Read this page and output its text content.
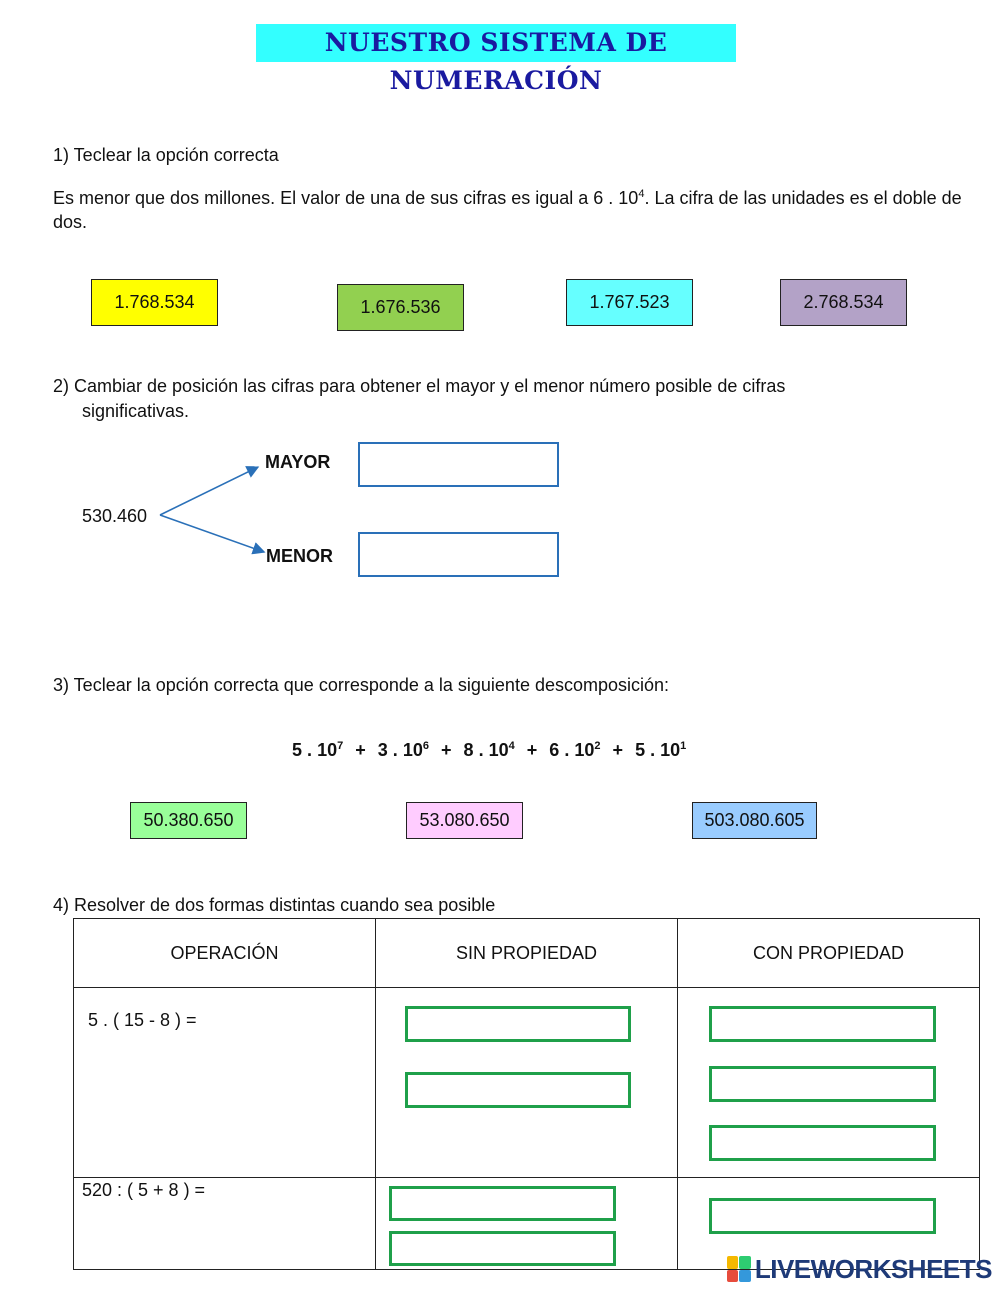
NUESTRO SISTEMA DE NUMERACIÓN
1) Teclear la opción correcta
Es menor que dos millones. El valor de una de sus cifras es igual a 6 . $10^4$. La cifra de las unidades es el doble de dos.
1.768.534	1.676.536	1.767.523	2.768.534
2) Cambiar de posición las cifras para obtener el mayor y el menor número posible de cifras
significativas.
530.460
MAYOR
MENOR
3) Teclear la opción correcta que corresponde a la siguiente descomposición:
5 . $10^7 + 3$ . $10^6 + 8$ . $10^4 + 6$ . $10^2 + 5$ . $10^1$
50.380.650	53.080.650	503.080.605
4) Resolver de dos formas distintas cuando sea posible
OPERACIÓN	SIN PROPIEDAD	CON PROPIEDAD

5 . ( 15 - 8 ) =		

520 : ( 5 + 8 ) =		

LIVEWORKSHEETS
